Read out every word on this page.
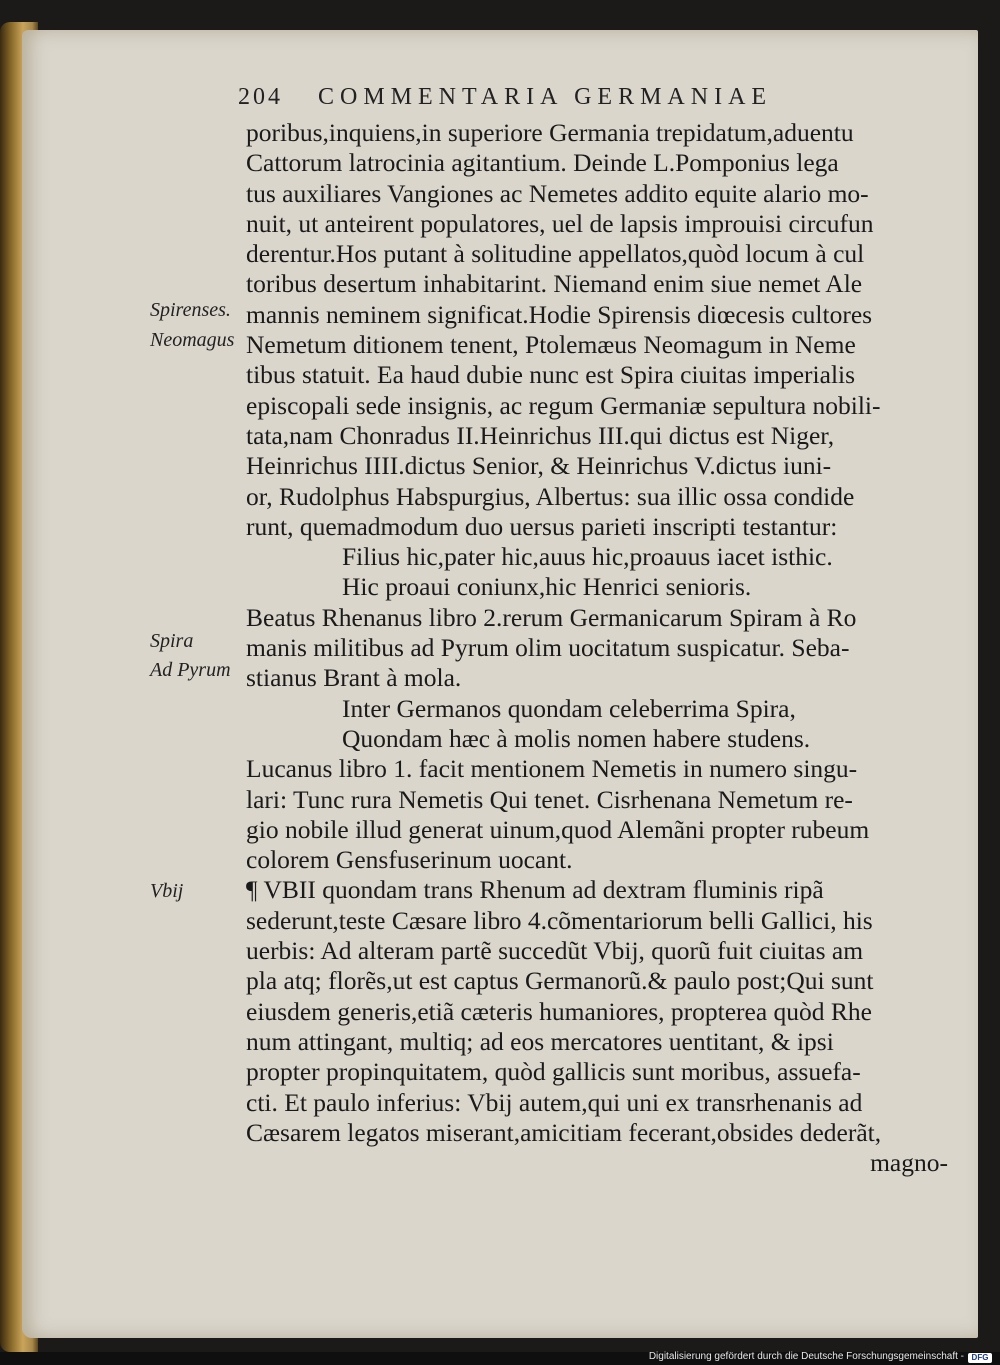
204	COMMENTARIA GERMANIAE
Spirenses.
Neomagus
Spira
Ad Pyrum
Vbij
poribus,inquiens,in superiore Germania trepidatum,aduentu
Cattorum latrocinia agitantium. Deinde L.Pomponius lega
tus auxiliares Vangiones ac Nemetes addito equite alario mo-
nuit, ut anteirent populatores, uel de lapsis improuisi circufun
derentur.Hos putant à solitudine appellatos,quòd locum à cul
toribus desertum inhabitarint. Niemand enim siue nemet Ale
mannis neminem significat.Hodie Spirensis diœcesis cultores
Nemetum ditionem tenent, Ptolemæus Neomagum in Neme
tibus statuit. Ea haud dubie nunc est Spira ciuitas imperialis
episcopali sede insignis, ac regum Germaniæ sepultura nobili-
tata,nam Chonradus II.Heinrichus III.qui dictus est Niger,
Heinrichus IIII.dictus Senior, & Heinrichus V.dictus iuni-
or, Rudolphus Habspurgius, Albertus: sua illic ossa condide
runt, quemadmodum duo uersus parieti inscripti testantur:
Filius hic,pater hic,auus hic,proauus iacet isthic.
Hic proaui coniunx,hic Henrici senioris.
Beatus Rhenanus libro 2.rerum Germanicarum Spiram à Ro
manis militibus ad Pyrum olim uocitatum suspicatur. Seba-
stianus Brant à mola.
Inter Germanos quondam celeberrima Spira,
Quondam hæc à molis nomen habere studens.
Lucanus libro 1. facit mentionem Nemetis in numero singu-
lari: Tunc rura Nemetis Qui tenet. Cisrhenana Nemetum re-
gio nobile illud generat uinum,quod Alemãni propter rubeum
colorem Gensfuserinum uocant.
¶ VBII quondam trans Rhenum ad dextram fluminis ripã
sederunt,teste Cæsare libro 4.cõmentariorum belli Gallici, his
uerbis: Ad alteram partẽ succedũt Vbij, quorũ fuit ciuitas am
pla atq; florẽs,ut est captus Germanorũ.& paulo post;Qui sunt
eiusdem generis,etiã cæteris humaniores, propterea quòd Rhe
num attingant, multiq; ad eos mercatores uentitant, & ipsi
propter propinquitatem, quòd gallicis sunt moribus, assuefa-
cti. Et paulo inferius: Vbij autem,qui uni ex transrhenanis ad
Cæsarem legatos miserant,amicitiam fecerant,obsides dederãt,
magno-
Digitalisierung gefördert durch die Deutsche Forschungsgemeinschaft - DFG
